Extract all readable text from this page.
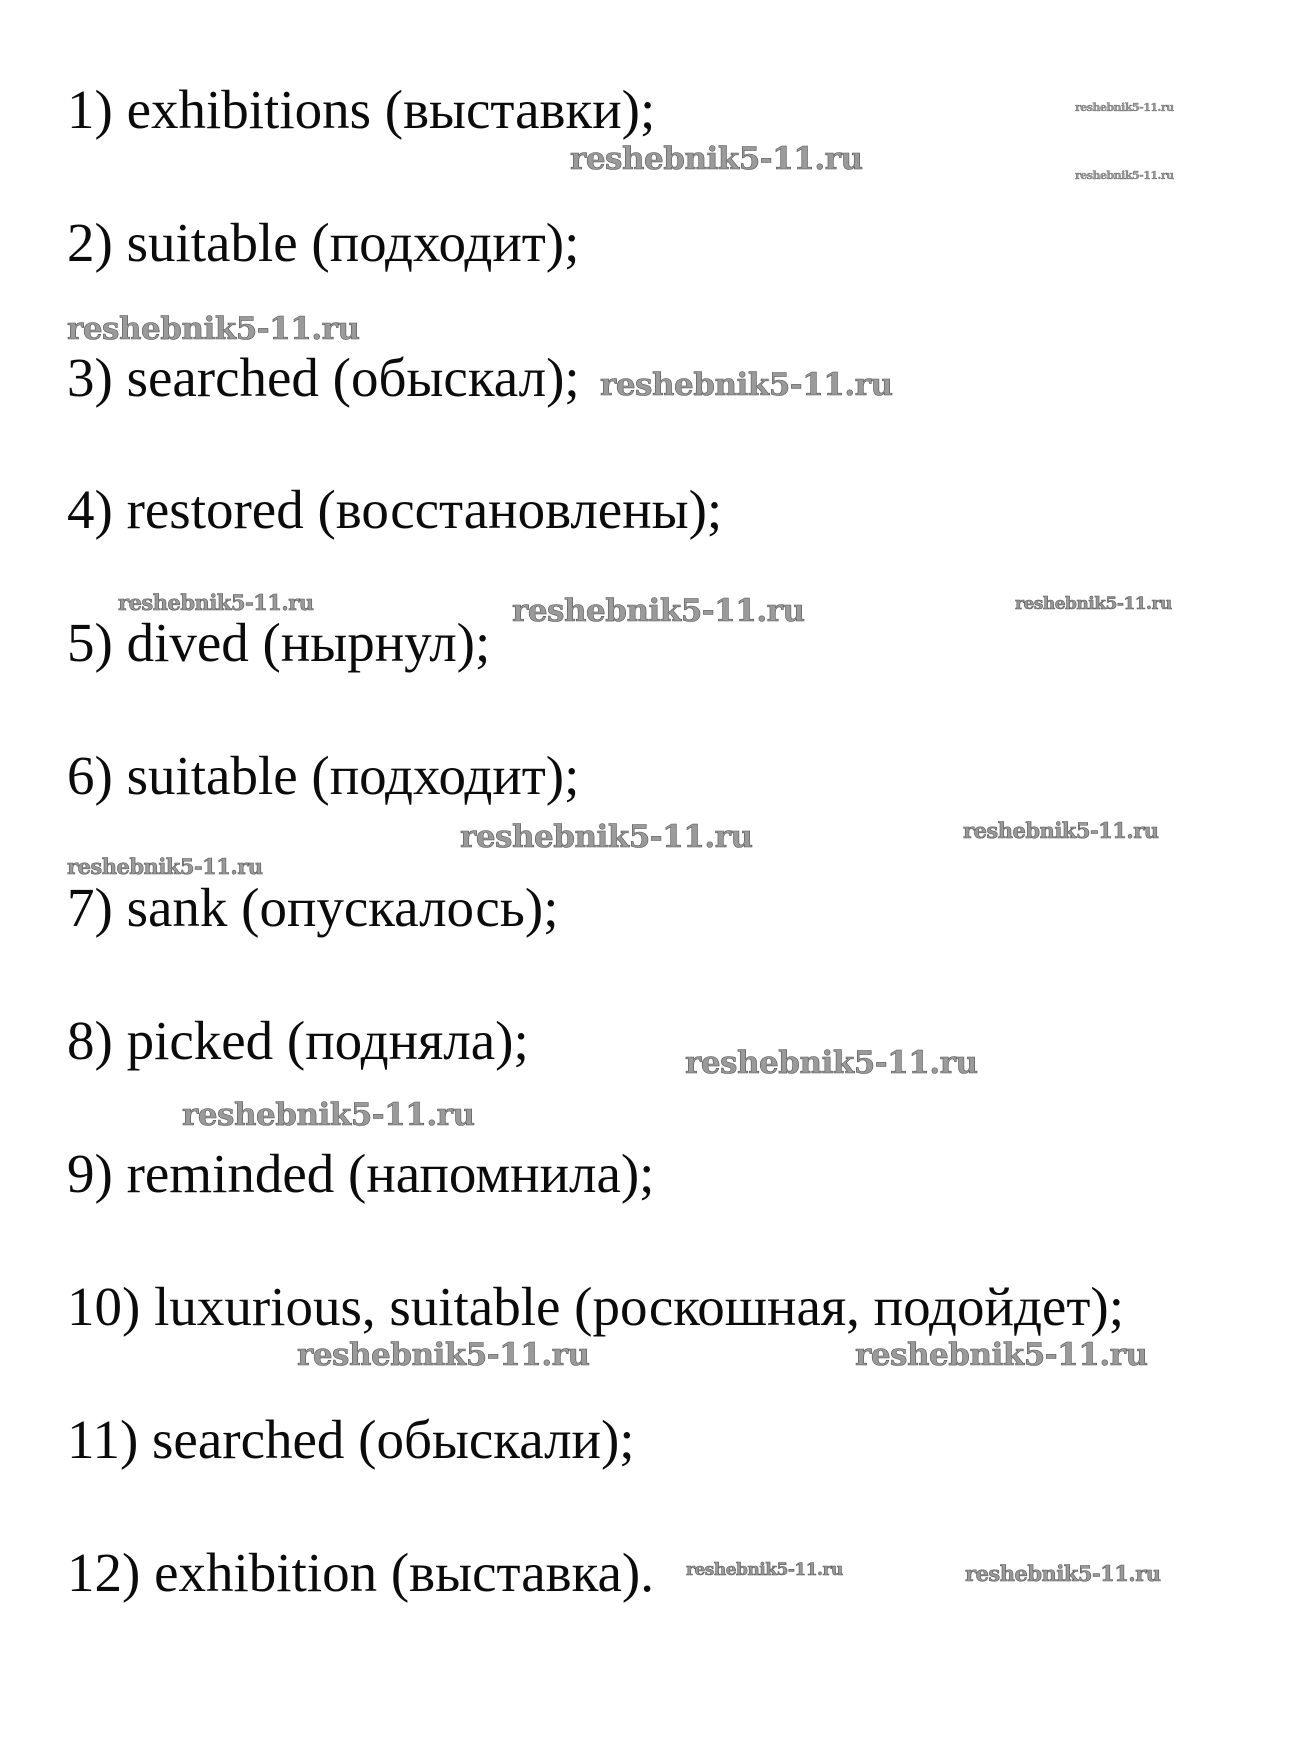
1) exhibitions (выставки);

2) suitable (подходит);

3) searched (обыскал);

4) restored (восстановлены);

5) dived (нырнул);

6) suitable (подходит);

7) sank (опускалось);

8) picked (подняла);

9) reminded (напомнила);

10) luxurious, suitable (роскошная, подойдет);

11) searched (обыскали);

12) exhibition (выставка).

reshebnik5-11.ru
reshebnik5-11.ru	reshebnik5-11.ru
reshebnik5-11.ru
reshebnik5-11.ru
reshebnik5-11.ru	reshebnik5-11.ru	reshebnik5-11.ru
reshebnik5-11.ru	reshebnik5-11.ru
reshebnik5-11.ru
reshebnik5-11.ru
reshebnik5-11.ru
reshebnik5-11.ru	reshebnik5-11.ru
reshebnik5-11.ru	reshebnik5-11.ru
